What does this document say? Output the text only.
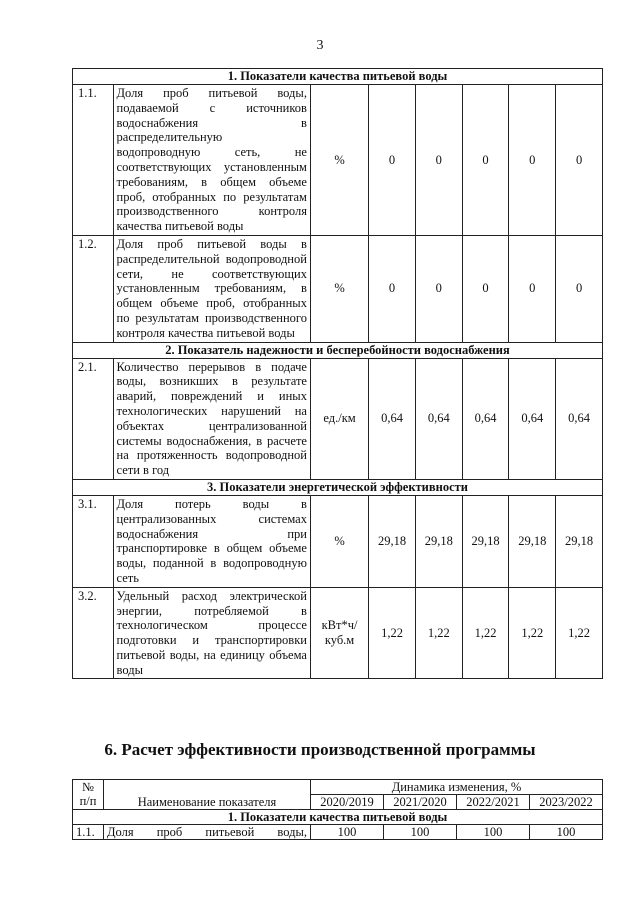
3
1. Показатели качества питьевой воды							
1.1.	Доля проб питьевой воды, подаваемой с источников водоснабжения в распределительную водопроводную сеть, не соответствующих установленным требованиям, в общем объеме проб, отобранных по результатам производственного контроля качества питьевой воды	%	0	0	0	0	0
1.2.	Доля проб питьевой воды в распределительной водопроводной сети, не соответствующих установленным требованиям, в общем объеме проб, отобранных по результатам производственного контроля качества питьевой воды	%	0	0	0	0	0
2. Показатель надежности и бесперебойности водоснабжения							
2.1.	Количество перерывов в подаче воды, возникших в результате аварий, повреждений и иных технологических нарушений на объектах централизованной системы водоснабжения, в расчете на протяженность водопроводной сети в год	ед./км	0,64	0,64	0,64	0,64	0,64
3. Показатели энергетической эффективности							
3.1.	Доля потерь воды в централизованных системах водоснабжения при транспортировке в общем объеме воды, поданной в водопроводную сеть	%	29,18	29,18	29,18	29,18	29,18
3.2.	Удельный расход электрической энергии, потребляемой в технологическом процессе подготовки и транспортировки питьевой воды, на единицу объема воды	кВт*ч/ куб.м	1,22	1,22	1,22	1,22	1,22
6. Расчет эффективности производственной программы
№
п/п	Наименование показателя	Динамика изменения, %			
		2020/2019	2021/2020	2022/2021	2023/2022
1. Показатели качества питьевой воды					
1.1.	Доля проб питьевой воды,	100	100	100	100
